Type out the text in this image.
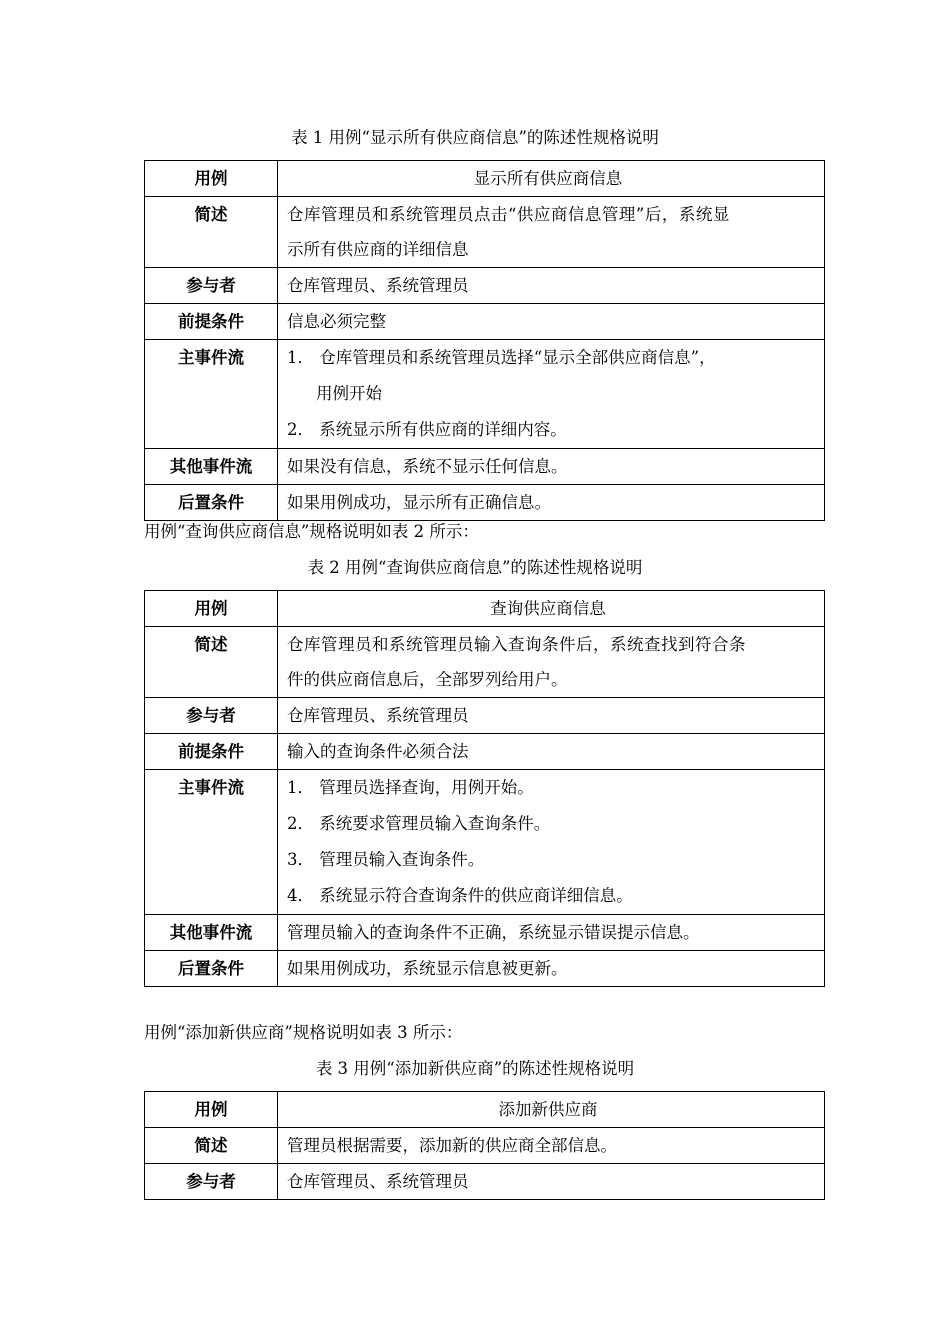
表 1 用例“显示所有供应商信息”的陈述性规格说明
用例	显示所有供应商信息
简述	仓库管理员和系统管理员点击“供应商信息管理”后，系统显
示所有供应商的详细信息

参与者	仓库管理员、系统管理员
前提条件	信息必须完整
主事件流	1． 仓库管理员和系统管理员选择“显示全部供应商信息”，
用例开始
2． 系统显示所有供应商的详细内容。

其他事件流	如果没有信息，系统不显示任何信息。
后置条件	如果用例成功，显示所有正确信息。
用例“查询供应商信息”规格说明如表 2 所示：
表 2 用例“查询供应商信息”的陈述性规格说明
用例	查询供应商信息
简述	仓库管理员和系统管理员输入查询条件后，系统查找到符合条
件的供应商信息后，全部罗列给用户。

参与者	仓库管理员、系统管理员
前提条件	输入的查询条件必须合法
主事件流	1． 管理员选择查询，用例开始。
2． 系统要求管理员输入查询条件。
3． 管理员输入查询条件。
4． 系统显示符合查询条件的供应商详细信息。

其他事件流	管理员输入的查询条件不正确，系统显示错误提示信息。
后置条件	如果用例成功，系统显示信息被更新。
用例“添加新供应商”规格说明如表 3 所示：
表 3 用例“添加新供应商”的陈述性规格说明
用例	添加新供应商
简述	管理员根据需要，添加新的供应商全部信息。
参与者	仓库管理员、系统管理员
